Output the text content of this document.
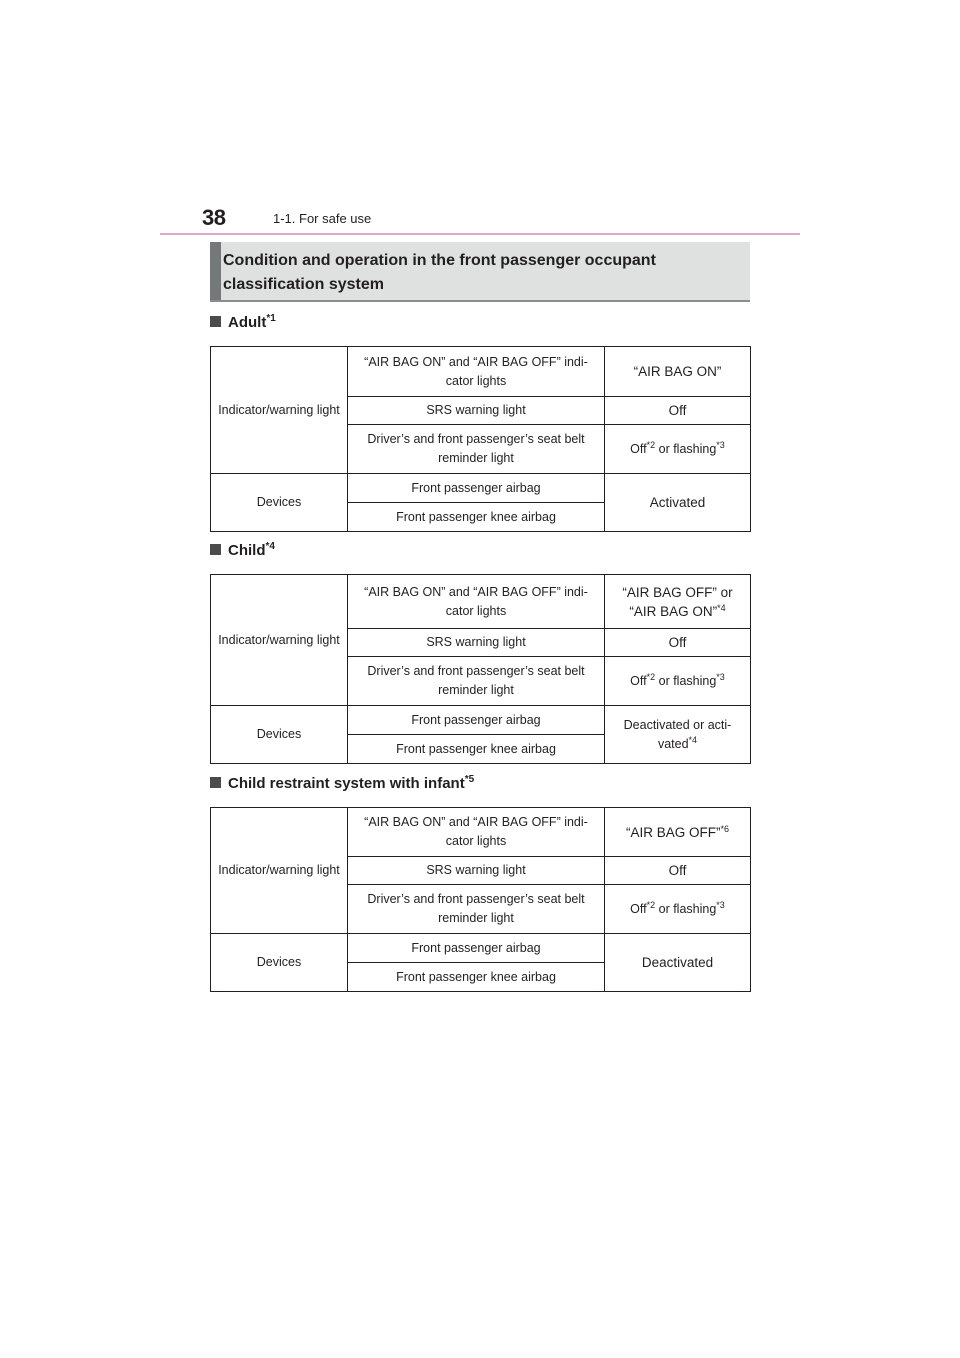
38	1-1. For safe use
Condition and operation in the front passenger occupant classification system
Adult$^{*1}$
Indicator/warning light	“AIR BAG ON” and “AIR BAG OFF” indi-cator lights	“AIR BAG ON”
	SRS warning light	Off
	Driver’s and front passenger’s seat belt reminder light	Off$^{*2}$ or flashing$^{*3}$
Devices	Front passenger airbag	Activated
	Front passenger knee airbag	
Child$^{*4}$
Indicator/warning light	“AIR BAG ON” and “AIR BAG OFF” indi-cator lights	“AIR BAG OFF” or “AIR BAG ON”$^{*4}$
	SRS warning light	Off
	Driver’s and front passenger’s seat belt reminder light	Off$^{*2}$ or flashing$^{*3}$
Devices	Front passenger airbag	Deactivated or acti-vated$^{*4}$
	Front passenger knee airbag	
Child restraint system with infant$^{*5}$
Indicator/warning light	“AIR BAG ON” and “AIR BAG OFF” indi-cator lights	“AIR BAG OFF”$^{*6}$
	SRS warning light	Off
	Driver’s and front passenger’s seat belt reminder light	Off$^{*2}$ or flashing$^{*3}$
Devices	Front passenger airbag	Deactivated
	Front passenger knee airbag	
